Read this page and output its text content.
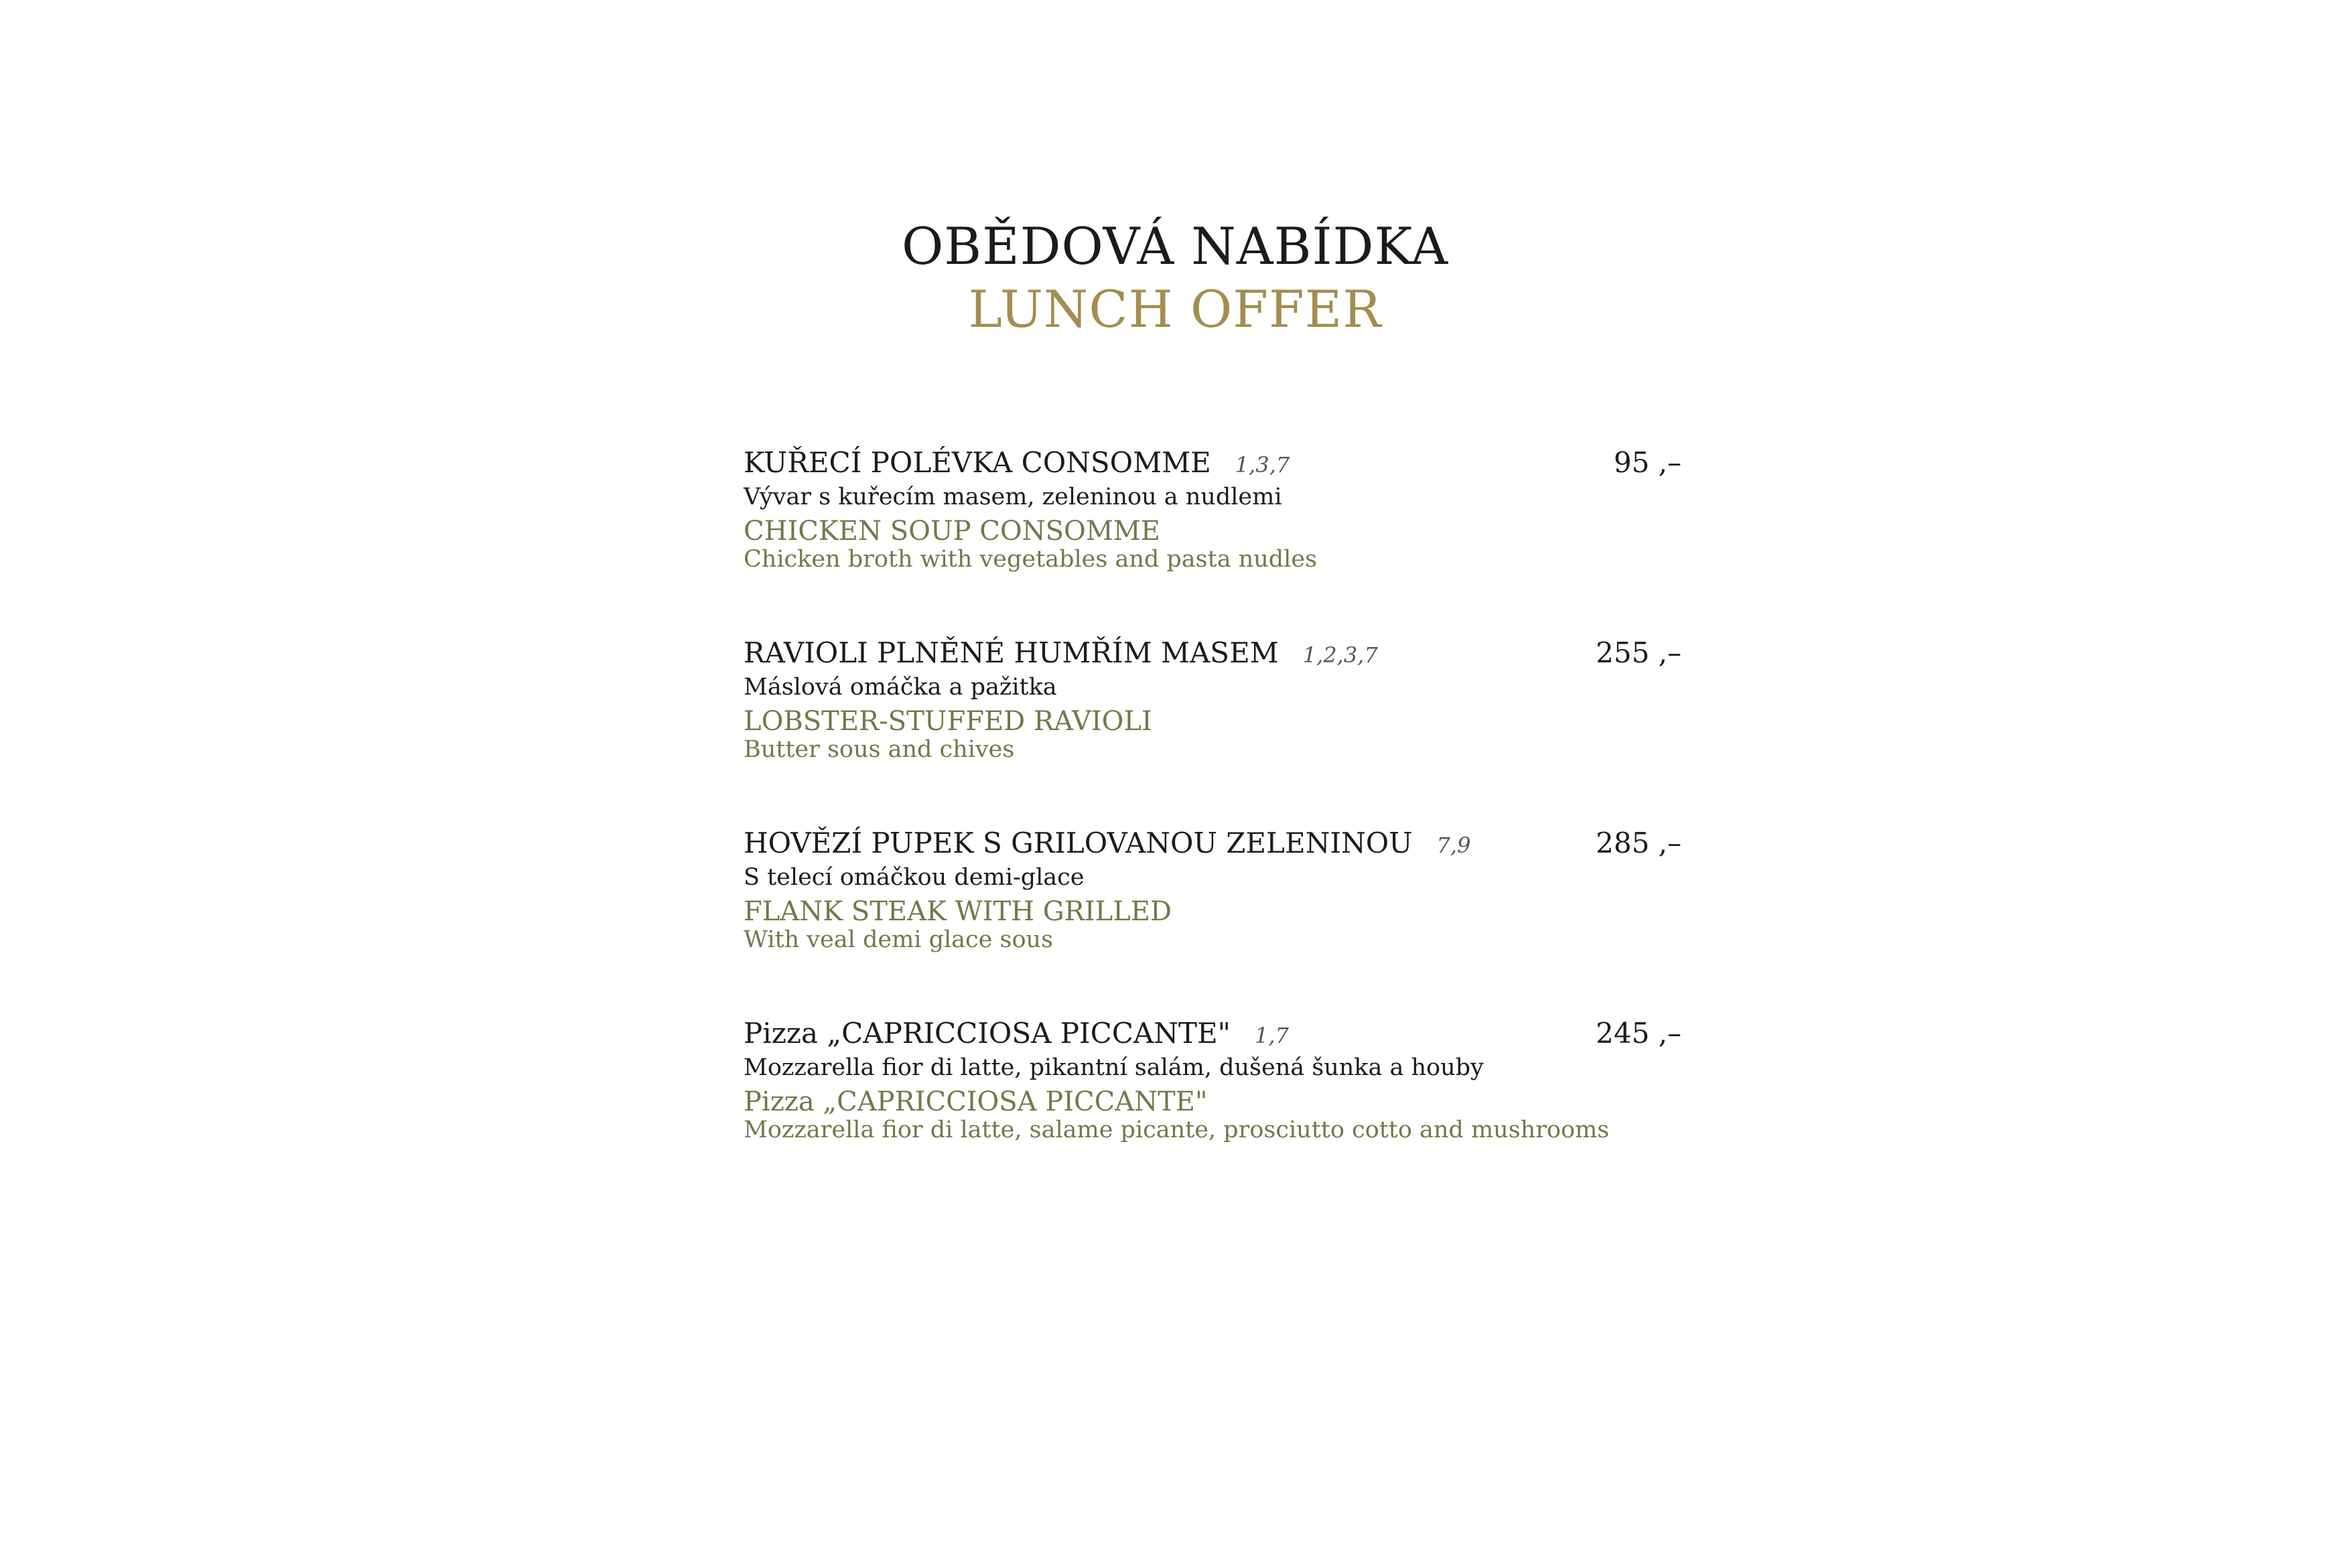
OBĚDOVÁ NABÍDKA
LUNCH OFFER
KUŘECÍ POLÉVKA CONSOMME 1,3,7	95 ,–
Vývar s kuřecím masem, zeleninou a nudlemi
CHICKEN SOUP CONSOMME
Chicken broth with vegetables and pasta nudles
RAVIOLI PLNĚNÉ HUMŘÍM MASEM 1,2,3,7	255 ,–
Máslová omáčka a pažitka
LOBSTER-STUFFED RAVIOLI
Butter sous and chives
HOVĚZÍ PUPEK S GRILOVANOU ZELENINOU 7,9	285 ,–
S telecí omáčkou demi-glace
FLANK STEAK WITH GRILLED
With veal demi glace sous
Pizza „CAPRICCIOSA PICCANTE" 1,7	245 ,–
Mozzarella fior di latte, pikantní salám, dušená šunka a houby
Pizza „CAPRICCIOSA PICCANTE"
Mozzarella fior di latte, salame picante, prosciutto cotto and mushrooms
